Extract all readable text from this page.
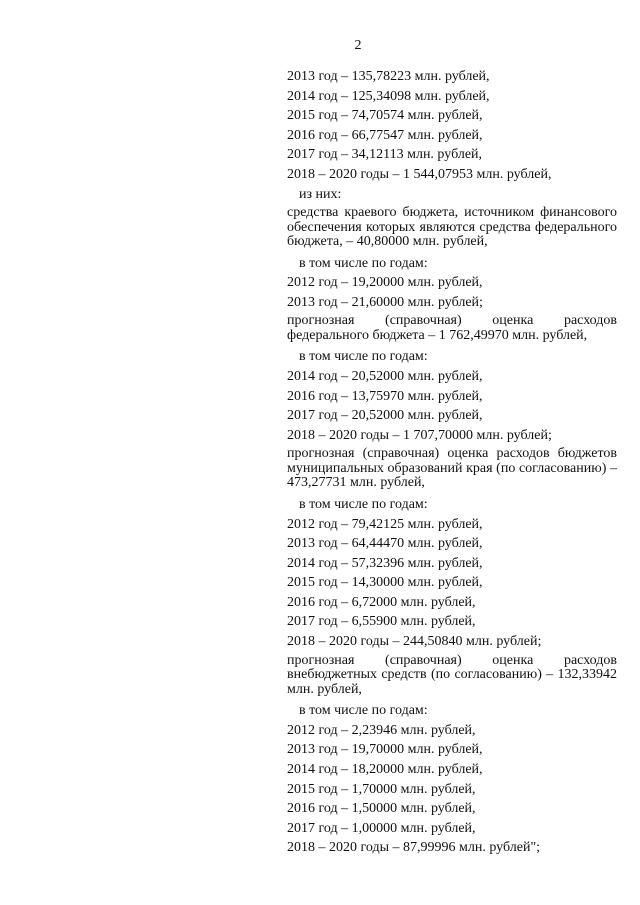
2
2013 год – 135,78223 млн. рублей,
2014 год – 125,34098 млн. рублей,
2015 год – 74,70574 млн. рублей,
2016 год – 66,77547 млн. рублей,
2017 год – 34,12113 млн. рублей,
2018 – 2020 годы – 1 544,07953 млн. рублей,
из них:
средства краевого бюджета, источником финансового обеспечения которых являются средства федерального бюджета, – 40,80000 млн. рублей,
в том числе по годам:
2012 год – 19,20000 млн. рублей,
2013 год – 21,60000 млн. рублей;
прогнозная (справочная) оценка расходов федерального бюджета – 1 762,49970 млн. рублей,
в том числе по годам:
2014 год – 20,52000 млн. рублей,
2016 год – 13,75970 млн. рублей,
2017 год – 20,52000 млн. рублей,
2018 – 2020 годы – 1 707,70000 млн. рублей;
прогнозная (справочная) оценка расходов бюджетов муниципальных образований края (по согласованию) – 473,27731 млн. рублей,
в том числе по годам:
2012 год – 79,42125 млн. рублей,
2013 год – 64,44470 млн. рублей,
2014 год – 57,32396 млн. рублей,
2015 год – 14,30000 млн. рублей,
2016 год – 6,72000 млн. рублей,
2017 год – 6,55900 млн. рублей,
2018 – 2020 годы – 244,50840 млн. рублей;
прогнозная (справочная) оценка расходов внебюджетных средств (по согласованию) – 132,33942 млн. рублей,
в том числе по годам:
2012 год – 2,23946 млн. рублей,
2013 год – 19,70000 млн. рублей,
2014 год – 18,20000 млн. рублей,
2015 год – 1,70000 млн. рублей,
2016 год – 1,50000 млн. рублей,
2017 год – 1,00000 млн. рублей,
2018 – 2020 годы – 87,99996 млн. рублей";
